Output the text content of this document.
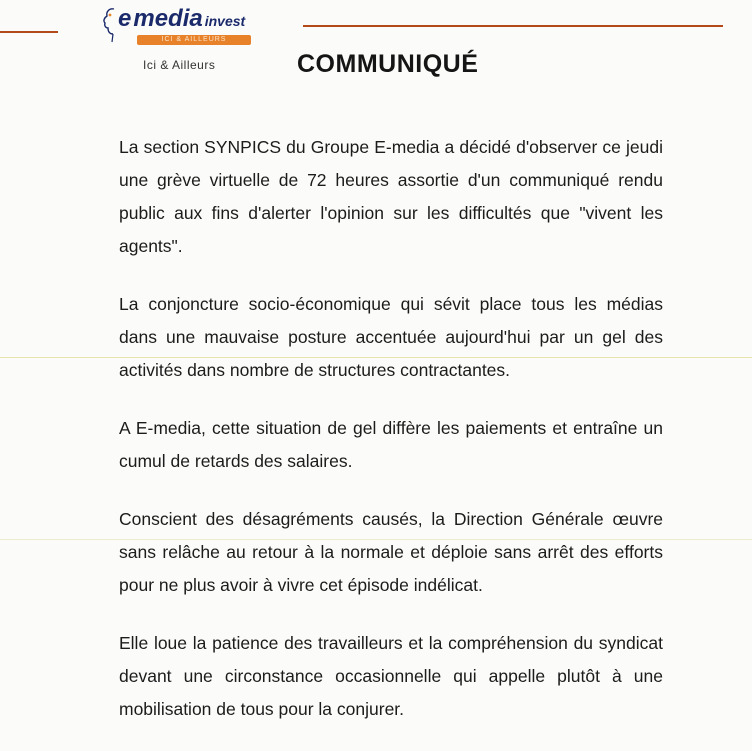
emedia invest
ICI & AILLEURS
Ici & Ailleurs	COMMUNIQUÉ

La section SYNPICS du Groupe E-media a décidé d'observer ce jeudi une grève virtuelle de 72 heures assortie d'un communiqué rendu public aux fins d'alerter l'opinion sur les difficultés que "vivent les agents".

La conjoncture socio-économique qui sévit place tous les médias dans une mauvaise posture accentuée aujourd'hui par un gel des activités dans nombre de structures contractantes.

A E-media, cette situation de gel diffère les paiements et entraîne un cumul de retards des salaires.

Conscient des désagréments causés, la Direction Générale œuvre sans relâche au retour à la normale et déploie sans arrêt des efforts pour ne plus avoir à vivre cet épisode indélicat.

Elle loue la patience des travailleurs et la compréhension du syndicat devant une circonstance occasionnelle qui appelle plutôt à une mobilisation de tous pour la conjurer.
